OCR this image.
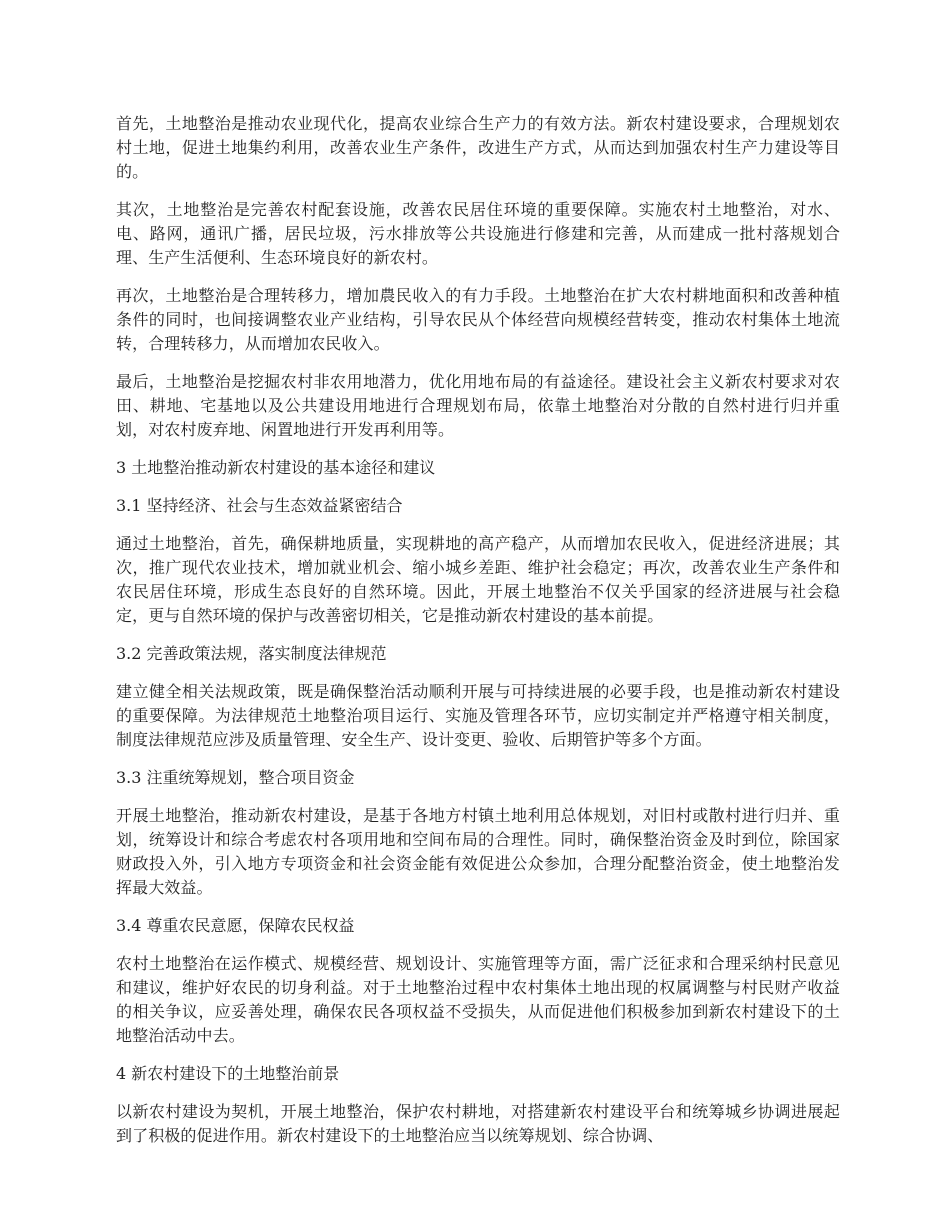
首先，土地整治是推动农业现代化，提高农业综合生产力的有效方法。新农村建设要求，合理规划农村土地，促进土地集约利用，改善农业生产条件，改进生产方式，从而达到加强农村生产力建设等目的。

其次，土地整治是完善农村配套设施，改善农民居住环境的重要保障。实施农村土地整治，对水、电、路网，通讯广播，居民垃圾，污水排放等公共设施进行修建和完善，从而建成一批村落规划合理、生产生活便利、生态环境良好的新农村。

再次，土地整治是合理转移力，增加農民收入的有力手段。土地整治在扩大农村耕地面积和改善种植条件的同时，也间接调整农业产业结构，引导农民从个体经营向规模经营转变，推动农村集体土地流转，合理转移力，从而增加农民收入。

最后，土地整治是挖掘农村非农用地潜力，优化用地布局的有益途径。建设社会主义新农村要求对农田、耕地、宅基地以及公共建设用地进行合理规划布局，依靠土地整治对分散的自然村进行归并重划，对农村废弃地、闲置地进行开发再利用等。

3 土地整治推动新农村建设的基本途径和建议
3.1 坚持经济、社会与生态效益紧密结合

通过土地整治，首先，确保耕地质量，实现耕地的高产稳产，从而增加农民收入，促进经济进展；其次，推广现代农业技术，增加就业机会、缩小城乡差距、维护社会稳定；再次，改善农业生产条件和农民居住环境，形成生态良好的自然环境。因此，开展土地整治不仅关乎国家的经济进展与社会稳定，更与自然环境的保护与改善密切相关，它是推动新农村建设的基本前提。

3.2 完善政策法规，落实制度法律规范

建立健全相关法规政策，既是确保整治活动顺利开展与可持续进展的必要手段，也是推动新农村建设的重要保障。为法律规范土地整治项目运行、实施及管理各环节，应切实制定并严格遵守相关制度，制度法律规范应涉及质量管理、安全生产、设计变更、验收、后期管护等多个方面。

3.3 注重统筹规划，整合项目资金

开展土地整治，推动新农村建设，是基于各地方村镇土地利用总体规划，对旧村或散村进行归并、重划，统筹设计和综合考虑农村各项用地和空间布局的合理性。同时，确保整治资金及时到位，除国家财政投入外，引入地方专项资金和社会资金能有效促进公众参加，合理分配整治资金，使土地整治发挥最大效益。

3.4 尊重农民意愿，保障农民权益

农村土地整治在运作模式、规模经营、规划设计、实施管理等方面，需广泛征求和合理采纳村民意见和建议，维护好农民的切身利益。对于土地整治过程中农村集体土地出现的权属调整与村民财产收益的相关争议，应妥善处理，确保农民各项权益不受损失，从而促进他们积极参加到新农村建设下的土地整治活动中去。

4 新农村建设下的土地整治前景

以新农村建设为契机，开展土地整治，保护农村耕地，对搭建新农村建设平台和统筹城乡协调进展起到了积极的促进作用。新农村建设下的土地整治应当以统筹规划、综合协调、
